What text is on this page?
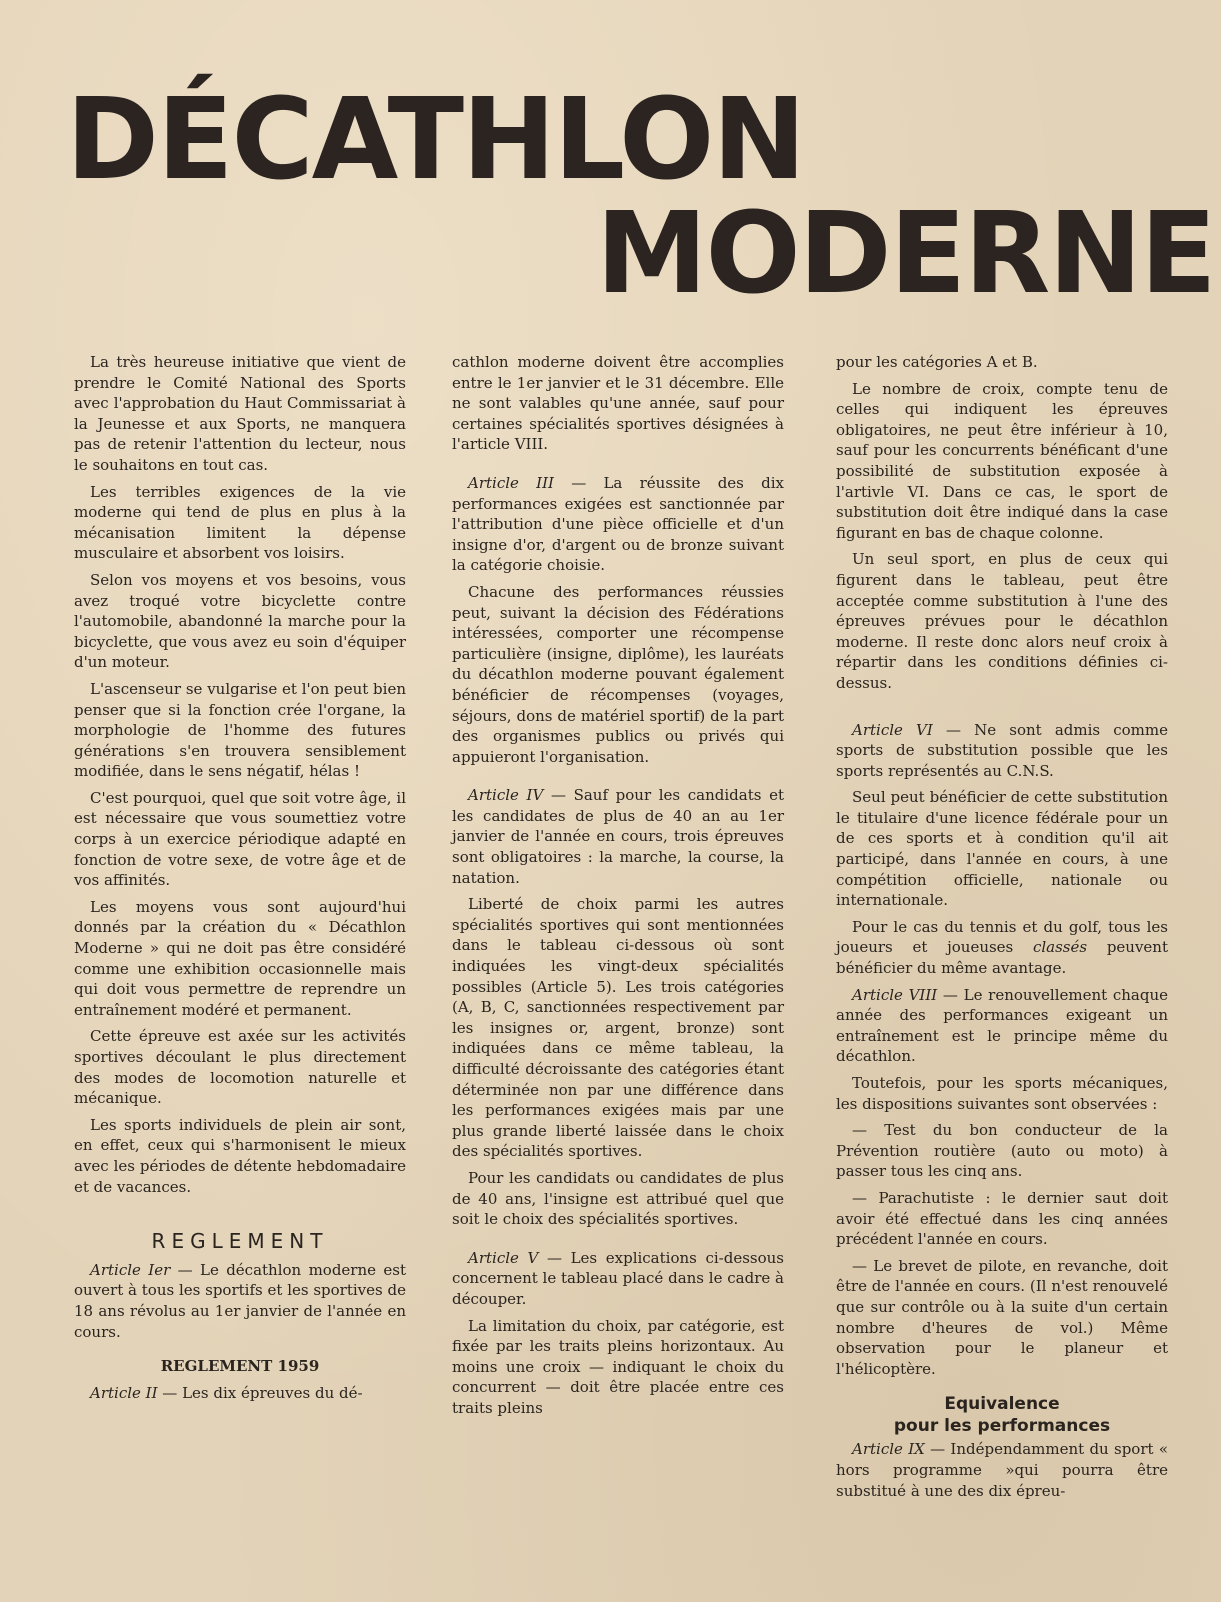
DÉCATHLON
MODERNE

La très heureuse initiative que vient de prendre le Comité National des Sports avec l'approbation du Haut Commissariat à la Jeunesse et aux Sports, ne manquera pas de retenir l'attention du lecteur, nous le souhaitons en tout cas.

Les terribles exigences de la vie moderne qui tend de plus en plus à la mécanisation limitent la dépense musculaire et absorbent vos loisirs.

Selon vos moyens et vos besoins, vous avez troqué votre bicyclette contre l'automobile, abandonné la marche pour la bicyclette, que vous avez eu soin d'équiper d'un moteur.

L'ascenseur se vulgarise et l'on peut bien penser que si la fonction crée l'organe, la morphologie de l'homme des futures générations s'en trouvera sensiblement modifiée, dans le sens négatif, hélas !

C'est pourquoi, quel que soit votre âge, il est nécessaire que vous soumettiez votre corps à un exercice périodique adapté en fonction de votre sexe, de votre âge et de vos affinités.

Les moyens vous sont aujourd'hui donnés par la création du « Décathlon Moderne » qui ne doit pas être considéré comme une exhibition occasionnelle mais qui doit vous permettre de reprendre un entraînement modéré et permanent.

Cette épreuve est axée sur les activités sportives découlant le plus directement des modes de locomotion naturelle et mécanique.

Les sports individuels de plein air sont, en effet, ceux qui s'harmonisent le mieux avec les périodes de détente hebdomadaire et de vacances.

REGLEMENT

Article Ier — Le décathlon moderne est ouvert à tous les sportifs et les sportives de 18 ans révolus au 1er janvier de l'année en cours.

REGLEMENT 1959

Article II — Les dix épreuves du dé-

cathlon moderne doivent être accomplies entre le 1er janvier et le 31 décembre. Elle ne sont valables qu'une année, sauf pour certaines spécialités sportives désignées à l'article VIII.

Article III — La réussite des dix performances exigées est sanctionnée par l'attribution d'une pièce officielle et d'un insigne d'or, d'argent ou de bronze suivant la catégorie choisie.

Chacune des performances réussies peut, suivant la décision des Fédérations intéressées, comporter une récompense particulière (insigne, diplôme), les lauréats du décathlon moderne pouvant également bénéficier de récompenses (voyages, séjours, dons de matériel sportif) de la part des organismes publics ou privés qui appuieront l'organisation.

Article IV — Sauf pour les candidats et les candidates de plus de 40 an au 1er janvier de l'année en cours, trois épreuves sont obligatoires : la marche, la course, la natation.

Liberté de choix parmi les autres spécialités sportives qui sont mentionnées dans le tableau ci-dessous où sont indiquées les vingt-deux spécialités possibles (Article 5). Les trois catégories (A, B, C, sanctionnées respectivement par les insignes or, argent, bronze) sont indiquées dans ce même tableau, la difficulté décroissante des catégories étant déterminée non par une différence dans les performances exigées mais par une plus grande liberté laissée dans le choix des spécialités sportives.

Pour les candidats ou candidates de plus de 40 ans, l'insigne est attribué quel que soit le choix des spécialités sportives.

Article V — Les explications ci-dessous concernent le tableau placé dans le cadre à découper.

La limitation du choix, par catégorie, est fixée par les traits pleins horizontaux. Au moins une croix — indiquant le choix du concurrent — doit être placée entre ces traits pleins

pour les catégories A et B.

Le nombre de croix, compte tenu de celles qui indiquent les épreuves obligatoires, ne peut être inférieur à 10, sauf pour les concurrents bénéficant d'une possibilité de substitution exposée à l'artivle VI. Dans ce cas, le sport de substitution doit être indiqué dans la case figurant en bas de chaque colonne.

Un seul sport, en plus de ceux qui figurent dans le tableau, peut être acceptée comme substitution à l'une des épreuves prévues pour le décathlon moderne. Il reste donc alors neuf croix à répartir dans les conditions définies ci-dessus.

Article VI — Ne sont admis comme sports de substitution possible que les sports représentés au C.N.S.

Seul peut bénéficier de cette substitution le titulaire d'une licence fédérale pour un de ces sports et à condition qu'il ait participé, dans l'année en cours, à une compétition officielle, nationale ou internationale.

Pour le cas du tennis et du golf, tous les joueurs et joueuses classés peuvent bénéficier du même avantage.

Article VIII — Le renouvellement chaque année des performances exigeant un entraînement est le principe même du décathlon.

Toutefois, pour les sports mécaniques, les dispositions suivantes sont observées :

— Test du bon conducteur de la Prévention routière (auto ou moto) à passer tous les cinq ans.

— Parachutiste : le dernier saut doit avoir été effectué dans les cinq années précédent l'année en cours.

— Le brevet de pilote, en revanche, doit être de l'année en cours. (Il n'est renouvelé que sur contrôle ou à la suite d'un certain nombre d'heures de vol.) Même observation pour le planeur et l'hélicoptère.

Equivalence
pour les performances

Article IX — Indépendamment du sport « hors programme »qui pourra être substitué à une des dix épreu-
